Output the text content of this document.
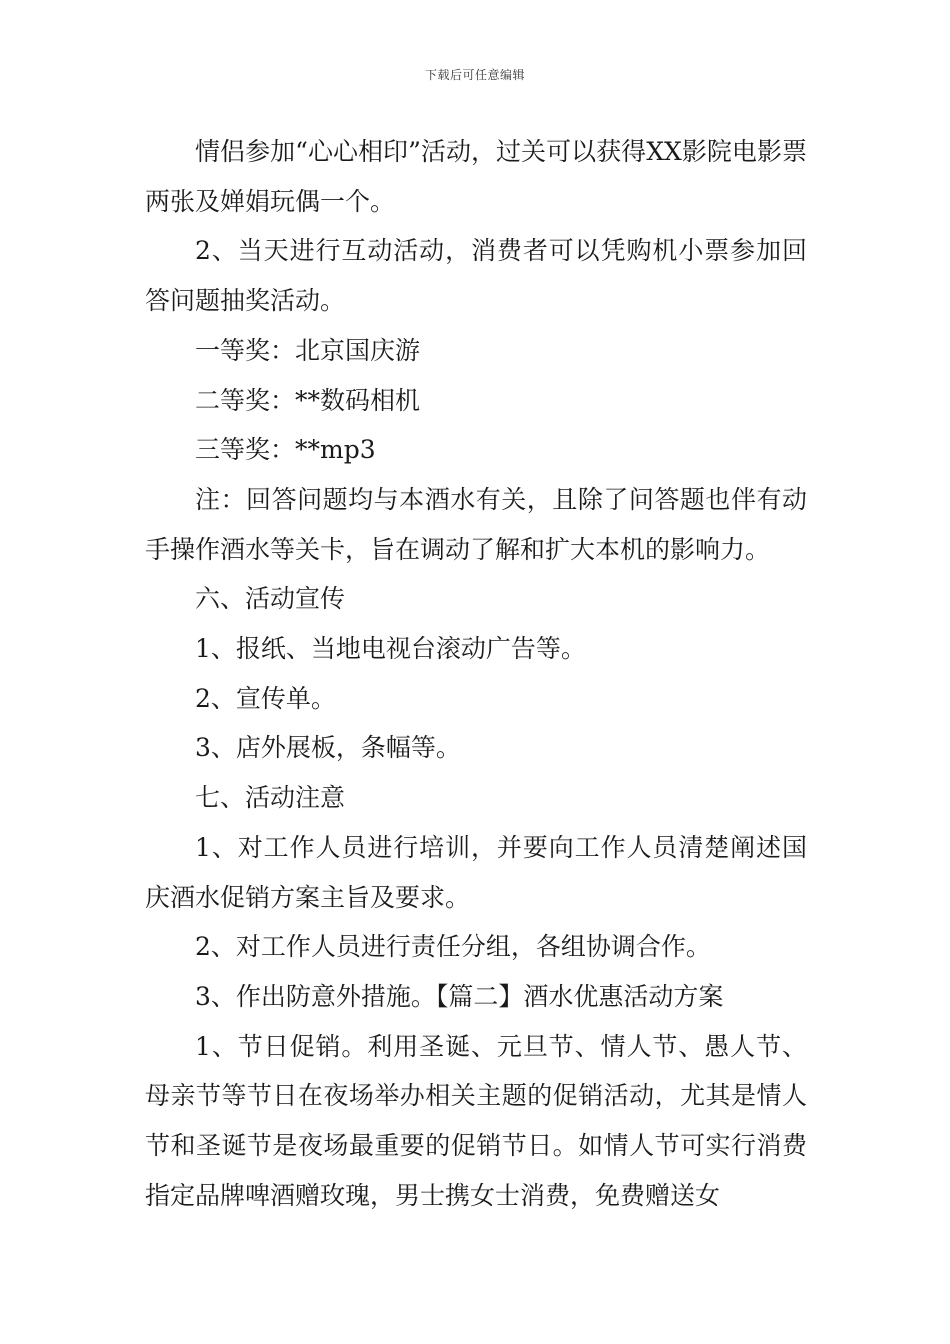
下载后可任意编辑

情侣参加“心心相印”活动，过关可以获得XX影院电影票两张及婵娟玩偶一个。

2、当天进行互动活动，消费者可以凭购机小票参加回答问题抽奖活动。

一等奖：北京国庆游

二等奖：**数码相机

三等奖：**mp3

注：回答问题均与本酒水有关，且除了问答题也伴有动手操作酒水等关卡，旨在调动了解和扩大本机的影响力。

六、活动宣传

1、报纸、当地电视台滚动广告等。

2、宣传单。

3、店外展板，条幅等。

七、活动注意

1、对工作人员进行培训，并要向工作人员清楚阐述国庆酒水促销方案主旨及要求。

2、对工作人员进行责任分组，各组协调合作。

3、作出防意外措施。【篇二】酒水优惠活动方案

1、节日促销。利用圣诞、元旦节、情人节、愚人节、母亲节等节日在夜场举办相关主题的促销活动，尤其是情人节和圣诞节是夜场最重要的促销节日。如情人节可实行消费指定品牌啤酒赠玫瑰，男士携女士消费，免费赠送女
